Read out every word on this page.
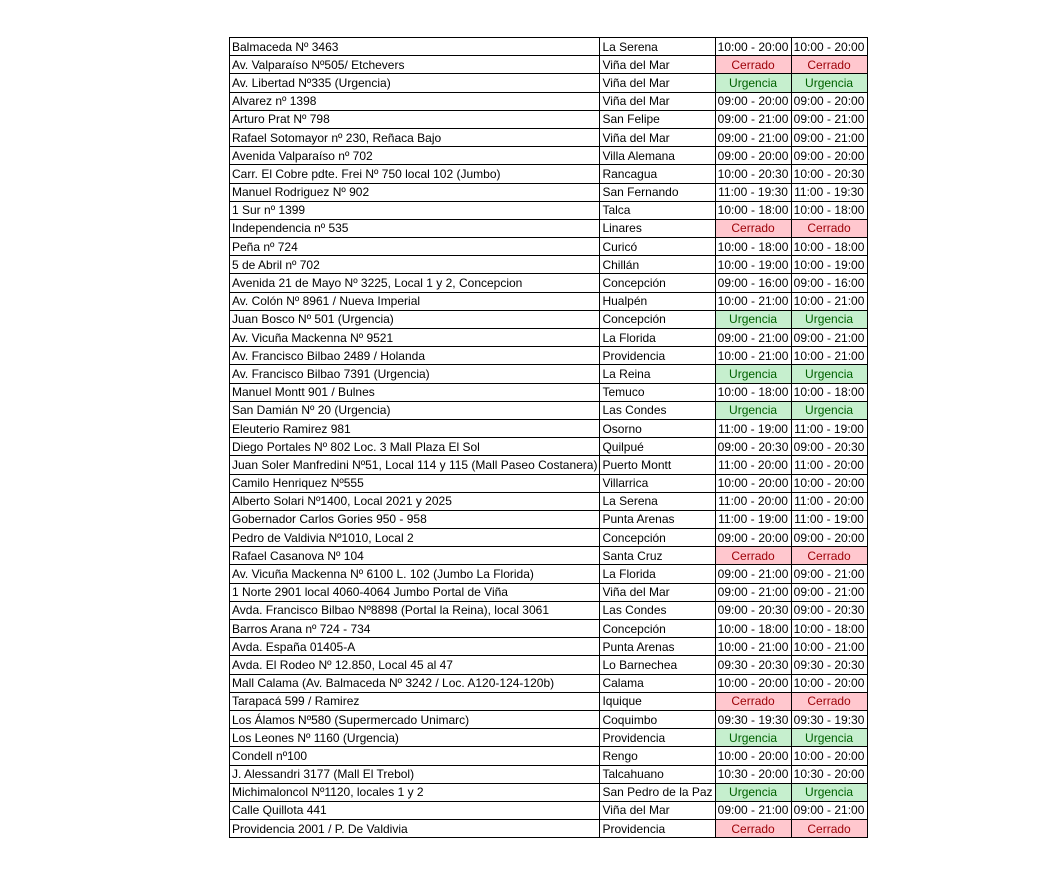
Balmaceda Nº 3463	La Serena	10:00 - 20:00	10:00 - 20:00
Av. Valparaíso Nº505/ Etchevers	Viña del Mar	Cerrado	Cerrado
Av. Libertad Nº335 (Urgencia)	Viña del Mar	Urgencia	Urgencia
Alvarez nº 1398	Viña del Mar	09:00 - 20:00	09:00 - 20:00
Arturo Prat Nº 798	San Felipe	09:00 - 21:00	09:00 - 21:00
Rafael Sotomayor nº 230, Reñaca Bajo	Viña del Mar	09:00 - 21:00	09:00 - 21:00
Avenida Valparaíso nº 702	Villa Alemana	09:00 - 20:00	09:00 - 20:00
Carr. El Cobre pdte. Frei Nº 750 local 102 (Jumbo)	Rancagua	10:00 - 20:30	10:00 - 20:30
Manuel Rodriguez Nº 902	San Fernando	11:00 - 19:30	11:00 - 19:30
1 Sur nº 1399	Talca	10:00 - 18:00	10:00 - 18:00
Independencia nº 535	Linares	Cerrado	Cerrado
Peña nº 724	Curicó	10:00 - 18:00	10:00 - 18:00
5 de Abril nº 702	Chillán	10:00 - 19:00	10:00 - 19:00
Avenida 21 de Mayo Nº 3225, Local 1 y 2, Concepcion	Concepción	09:00 - 16:00	09:00 - 16:00
Av. Colón Nº 8961 / Nueva Imperial	Hualpén	10:00 - 21:00	10:00 - 21:00
Juan Bosco Nº 501 (Urgencia)	Concepción	Urgencia	Urgencia
Av. Vicuña Mackenna Nº 9521	La Florida	09:00 - 21:00	09:00 - 21:00
Av. Francisco Bilbao 2489 / Holanda	Providencia	10:00 - 21:00	10:00 - 21:00
Av. Francisco Bilbao 7391 (Urgencia)	La Reina	Urgencia	Urgencia
Manuel Montt 901 / Bulnes	Temuco	10:00 - 18:00	10:00 - 18:00
San Damián Nº 20 (Urgencia)	Las Condes	Urgencia	Urgencia
Eleuterio Ramirez 981	Osorno	11:00 - 19:00	11:00 - 19:00
Diego Portales Nº 802 Loc. 3 Mall Plaza El Sol	Quilpué	09:00 - 20:30	09:00 - 20:30
Juan Soler Manfredini Nº51, Local 114 y 115 (Mall Paseo Costanera)	Puerto Montt	11:00 - 20:00	11:00 - 20:00
Camilo Henriquez Nº555	Villarrica	10:00 - 20:00	10:00 - 20:00
Alberto Solari Nº1400, Local 2021 y 2025	La Serena	11:00 - 20:00	11:00 - 20:00
Gobernador Carlos Gories 950 - 958	Punta Arenas	11:00 - 19:00	11:00 - 19:00
Pedro de Valdivia Nº1010, Local 2	Concepción	09:00 - 20:00	09:00 - 20:00
Rafael Casanova Nº 104	Santa Cruz	Cerrado	Cerrado
Av. Vicuña Mackenna Nº 6100 L. 102 (Jumbo La Florida)	La Florida	09:00 - 21:00	09:00 - 21:00
1 Norte 2901 local 4060-4064 Jumbo Portal de Viña	Viña del Mar	09:00 - 21:00	09:00 - 21:00
Avda. Francisco Bilbao Nº8898 (Portal la Reina), local 3061	Las Condes	09:00 - 20:30	09:00 - 20:30
Barros Arana nº 724 - 734	Concepción	10:00 - 18:00	10:00 - 18:00
Avda. España 01405-A	Punta Arenas	10:00 - 21:00	10:00 - 21:00
Avda. El Rodeo Nº 12.850, Local 45 al 47	Lo Barnechea	09:30 - 20:30	09:30 - 20:30
Mall Calama (Av. Balmaceda Nº 3242 / Loc. A120-124-120b)	Calama	10:00 - 20:00	10:00 - 20:00
Tarapacá 599 / Ramirez	Iquique	Cerrado	Cerrado
Los Álamos Nº580 (Supermercado Unimarc)	Coquimbo	09:30 - 19:30	09:30 - 19:30
Los Leones Nº 1160 (Urgencia)	Providencia	Urgencia	Urgencia
Condell nº100	Rengo	10:00 - 20:00	10:00 - 20:00
J. Alessandri 3177 (Mall El Trebol)	Talcahuano	10:30 - 20:00	10:30 - 20:00
Michimaloncol Nº1120, locales 1 y 2	San Pedro de la Paz	Urgencia	Urgencia
Calle Quillota 441	Viña del Mar	09:00 - 21:00	09:00 - 21:00
Providencia 2001 / P. De Valdivia	Providencia	Cerrado	Cerrado
